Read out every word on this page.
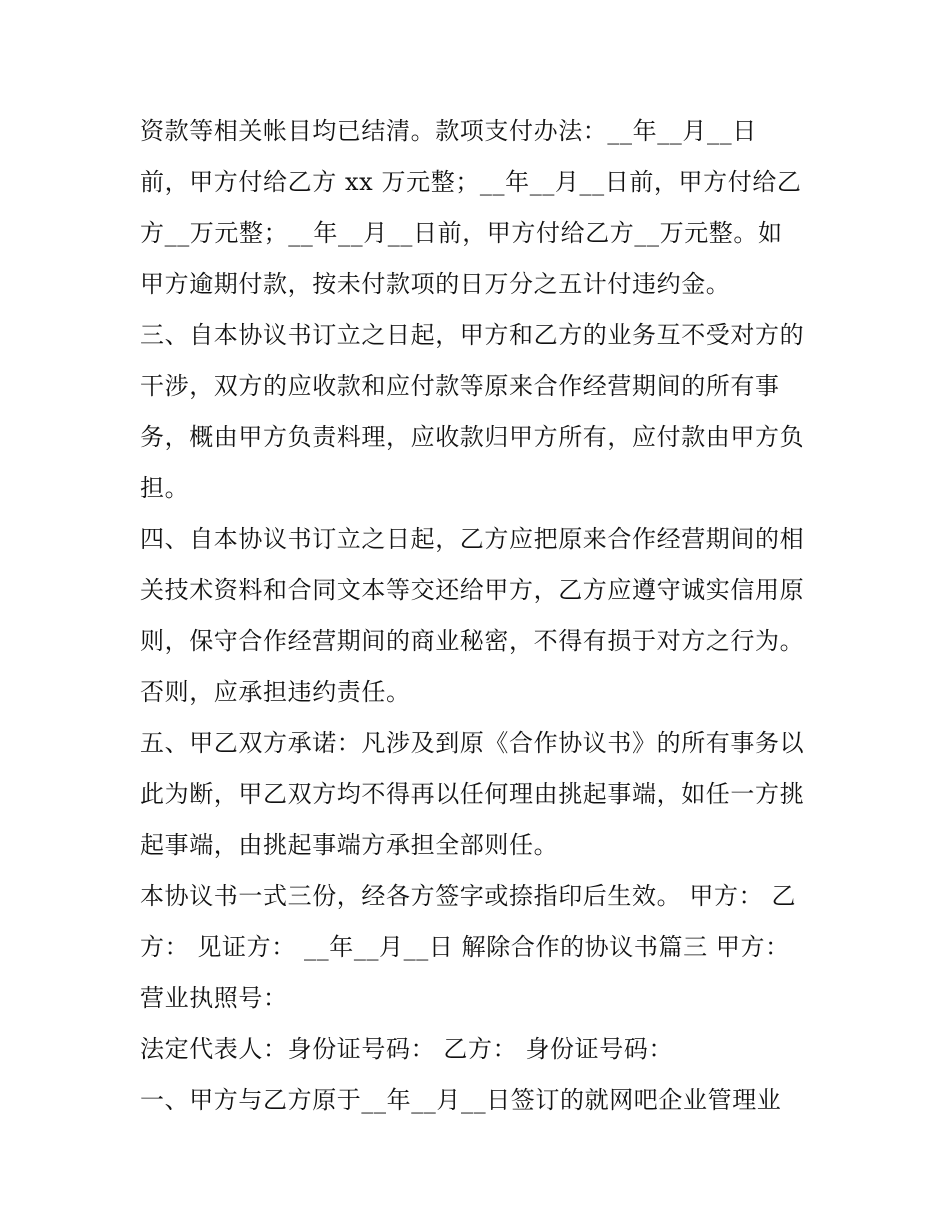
资款等相关帐目均已结清。款项支付办法：__年__月__日
前，甲方付给乙方 xx 万元整；__年__月__日前，甲方付给乙
方__万元整；__年__月__日前，甲方付给乙方__万元整。如
甲方逾期付款，按未付款项的日万分之五计付违约金。
三、自本协议书订立之日起，甲方和乙方的业务互不受对方的
干涉，双方的应收款和应付款等原来合作经营期间的所有事
务，概由甲方负责料理，应收款归甲方所有，应付款由甲方负
担。
四、自本协议书订立之日起，乙方应把原来合作经营期间的相
关技术资料和合同文本等交还给甲方，乙方应遵守诚实信用原
则，保守合作经营期间的商业秘密，不得有损于对方之行为。
否则，应承担违约责任。
五、甲乙双方承诺：凡涉及到原《合作协议书》的所有事务以
此为断，甲乙双方均不得再以任何理由挑起事端，如任一方挑
起事端，由挑起事端方承担全部则任。
本协议书一式三份，经各方签字或捺指印后生效。 甲方： 乙
方： 见证方： __年__月__日 解除合作的协议书篇三 甲方：
营业执照号：
法定代表人：身份证号码： 乙方： 身份证号码：
一、甲方与乙方原于__年__月__日签订的就网吧企业管理业
